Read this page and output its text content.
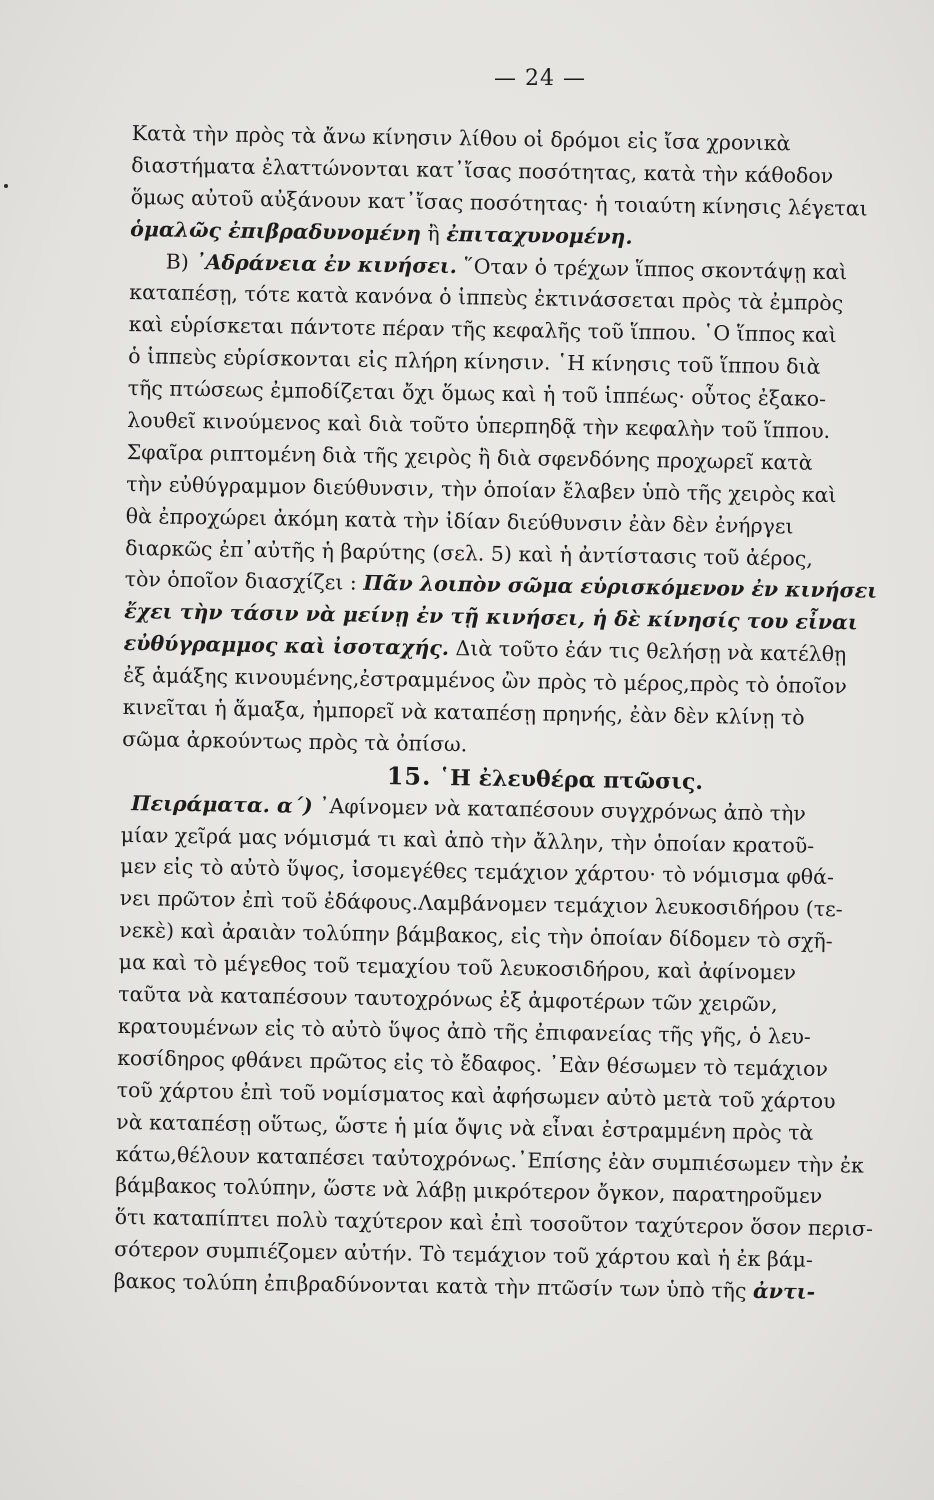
— 24 —
Κατὰ τὴν πρὸς τὰ ἄνω κίνησιν λίθου οἱ δρόμοι εἰς ἴσα χρονικὰ
διαστήματα ἐλαττώνονται κατ᾽ἴσας ποσότητας, κατὰ τὴν κάθοδον
ὅμως αὐτοῦ αὐξάνουν κατ᾽ἴσας ποσότητας· ἡ τοιαύτη κίνησις λέγεται
ὁμαλῶς ἐπιβραδυνομένη ἢ ἐπιταχυνομένη.
Β) ᾽Αδράνεια ἐν κινήσει. ῞Οταν ὁ τρέχων ἵππος σκοντάψῃ καὶ
καταπέσῃ, τότε κατὰ κανόνα ὁ ἱππεὺς ἐκτινάσσεται πρὸς τὰ ἐμπρὸς
καὶ εὑρίσκεται πάντοτε πέραν τῆς κεφαλῆς τοῦ ἵππου. ῾Ο ἵππος καὶ
ὁ ἱππεὺς εὑρίσκονται εἰς πλήρη κίνησιν. ῾Η κίνησις τοῦ ἵππου διὰ
τῆς πτώσεως ἐμποδίζεται ὄχι ὅμως καὶ ἡ τοῦ ἱππέως· οὗτος ἐξακο-
λουθεῖ κινούμενος καὶ διὰ τοῦτο ὑπερπηδᾷ τὴν κεφαλὴν τοῦ ἵππου.
Σφαῖρα ριπτομένη διὰ τῆς χειρὸς ἢ διὰ σφενδόνης προχωρεῖ κατὰ
τὴν εὐθύγραμμον διεύθυνσιν, τὴν ὁποίαν ἔλαβεν ὑπὸ τῆς χειρὸς καὶ
θὰ ἐπροχώρει ἀκόμη κατὰ τὴν ἰδίαν διεύθυνσιν ἐὰν δὲν ἐνήργει
διαρκῶς ἐπ᾽αὐτῆς ἡ βαρύτης (σελ. 5) καὶ ἡ ἀντίστασις τοῦ ἀέρος,
τὸν ὁποῖον διασχίζει : Πᾶν λοιπὸν σῶμα εὑρισκόμενον ἐν κινήσει
ἔχει τὴν τάσιν νὰ μείνῃ ἐν τῇ κινήσει, ἡ δὲ κίνησίς του εἶναι
εὐθύγραμμος καὶ ἰσοταχής. Διὰ τοῦτο ἐάν τις θελήσῃ νὰ κατέλθῃ
ἐξ ἁμάξης κινουμένης,ἐστραμμένος ὢν πρὸς τὸ μέρος,πρὸς τὸ ὁποῖον
κινεῖται ἡ ἅμαξα, ἠμπορεῖ νὰ καταπέσῃ πρηνής, ἐὰν δὲν κλίνῃ τὸ
σῶμα ἀρκούντως πρὸς τὰ ὀπίσω.
15. ῾Η ἐλευθέρα πτῶσις.
Πειράματα. α΄) ᾽Αφίνομεν νὰ καταπέσουν συγχρόνως ἀπὸ τὴν
μίαν χεῖρά μας νόμισμά τι καὶ ἀπὸ τὴν ἄλλην, τὴν ὁποίαν κρατοῦ-
μεν εἰς τὸ αὐτὸ ὕψος, ἰσομεγέθες τεμάχιον χάρτου· τὸ νόμισμα φθά-
νει πρῶτον ἐπὶ τοῦ ἐδάφους.Λαμβάνομεν τεμάχιον λευκοσιδήρου (τε-
νεκὲ) καὶ ἀραιὰν τολύπην βάμβακος, εἰς τὴν ὁποίαν δίδομεν τὸ σχῆ-
μα καὶ τὸ μέγεθος τοῦ τεμαχίου τοῦ λευκοσιδήρου, καὶ ἀφίνομεν
ταῦτα νὰ καταπέσουν ταυτοχρόνως ἐξ ἀμφοτέρων τῶν χειρῶν,
κρατουμένων εἰς τὸ αὐτὸ ὕψος ἀπὸ τῆς ἐπιφανείας τῆς γῆς, ὁ λευ-
κοσίδηρος φθάνει πρῶτος εἰς τὸ ἔδαφος. ᾽Εὰν θέσωμεν τὸ τεμάχιον
τοῦ χάρτου ἐπὶ τοῦ νομίσματος καὶ ἀφήσωμεν αὐτὸ μετὰ τοῦ χάρτου
νὰ καταπέσῃ οὕτως, ὥστε ἡ μία ὄψις νὰ εἶναι ἐστραμμένη πρὸς τὰ
κάτω,θέλουν καταπέσει ταὐτοχρόνως.᾽Επίσης ἐὰν συμπιέσωμεν τὴν ἐκ
βάμβακος τολύπην, ὥστε νὰ λάβῃ μικρότερον ὄγκον, παρατηροῦμεν
ὅτι καταπίπτει πολὺ ταχύτερον καὶ ἐπὶ τοσοῦτον ταχύτερον ὅσον περισ-
σότερον συμπιέζομεν αὐτήν. Τὸ τεμάχιον τοῦ χάρτου καὶ ἡ ἐκ βάμ-
βακος τολύπη ἐπιβραδύνονται κατὰ τὴν πτῶσίν των ὑπὸ τῆς ἀντι-
